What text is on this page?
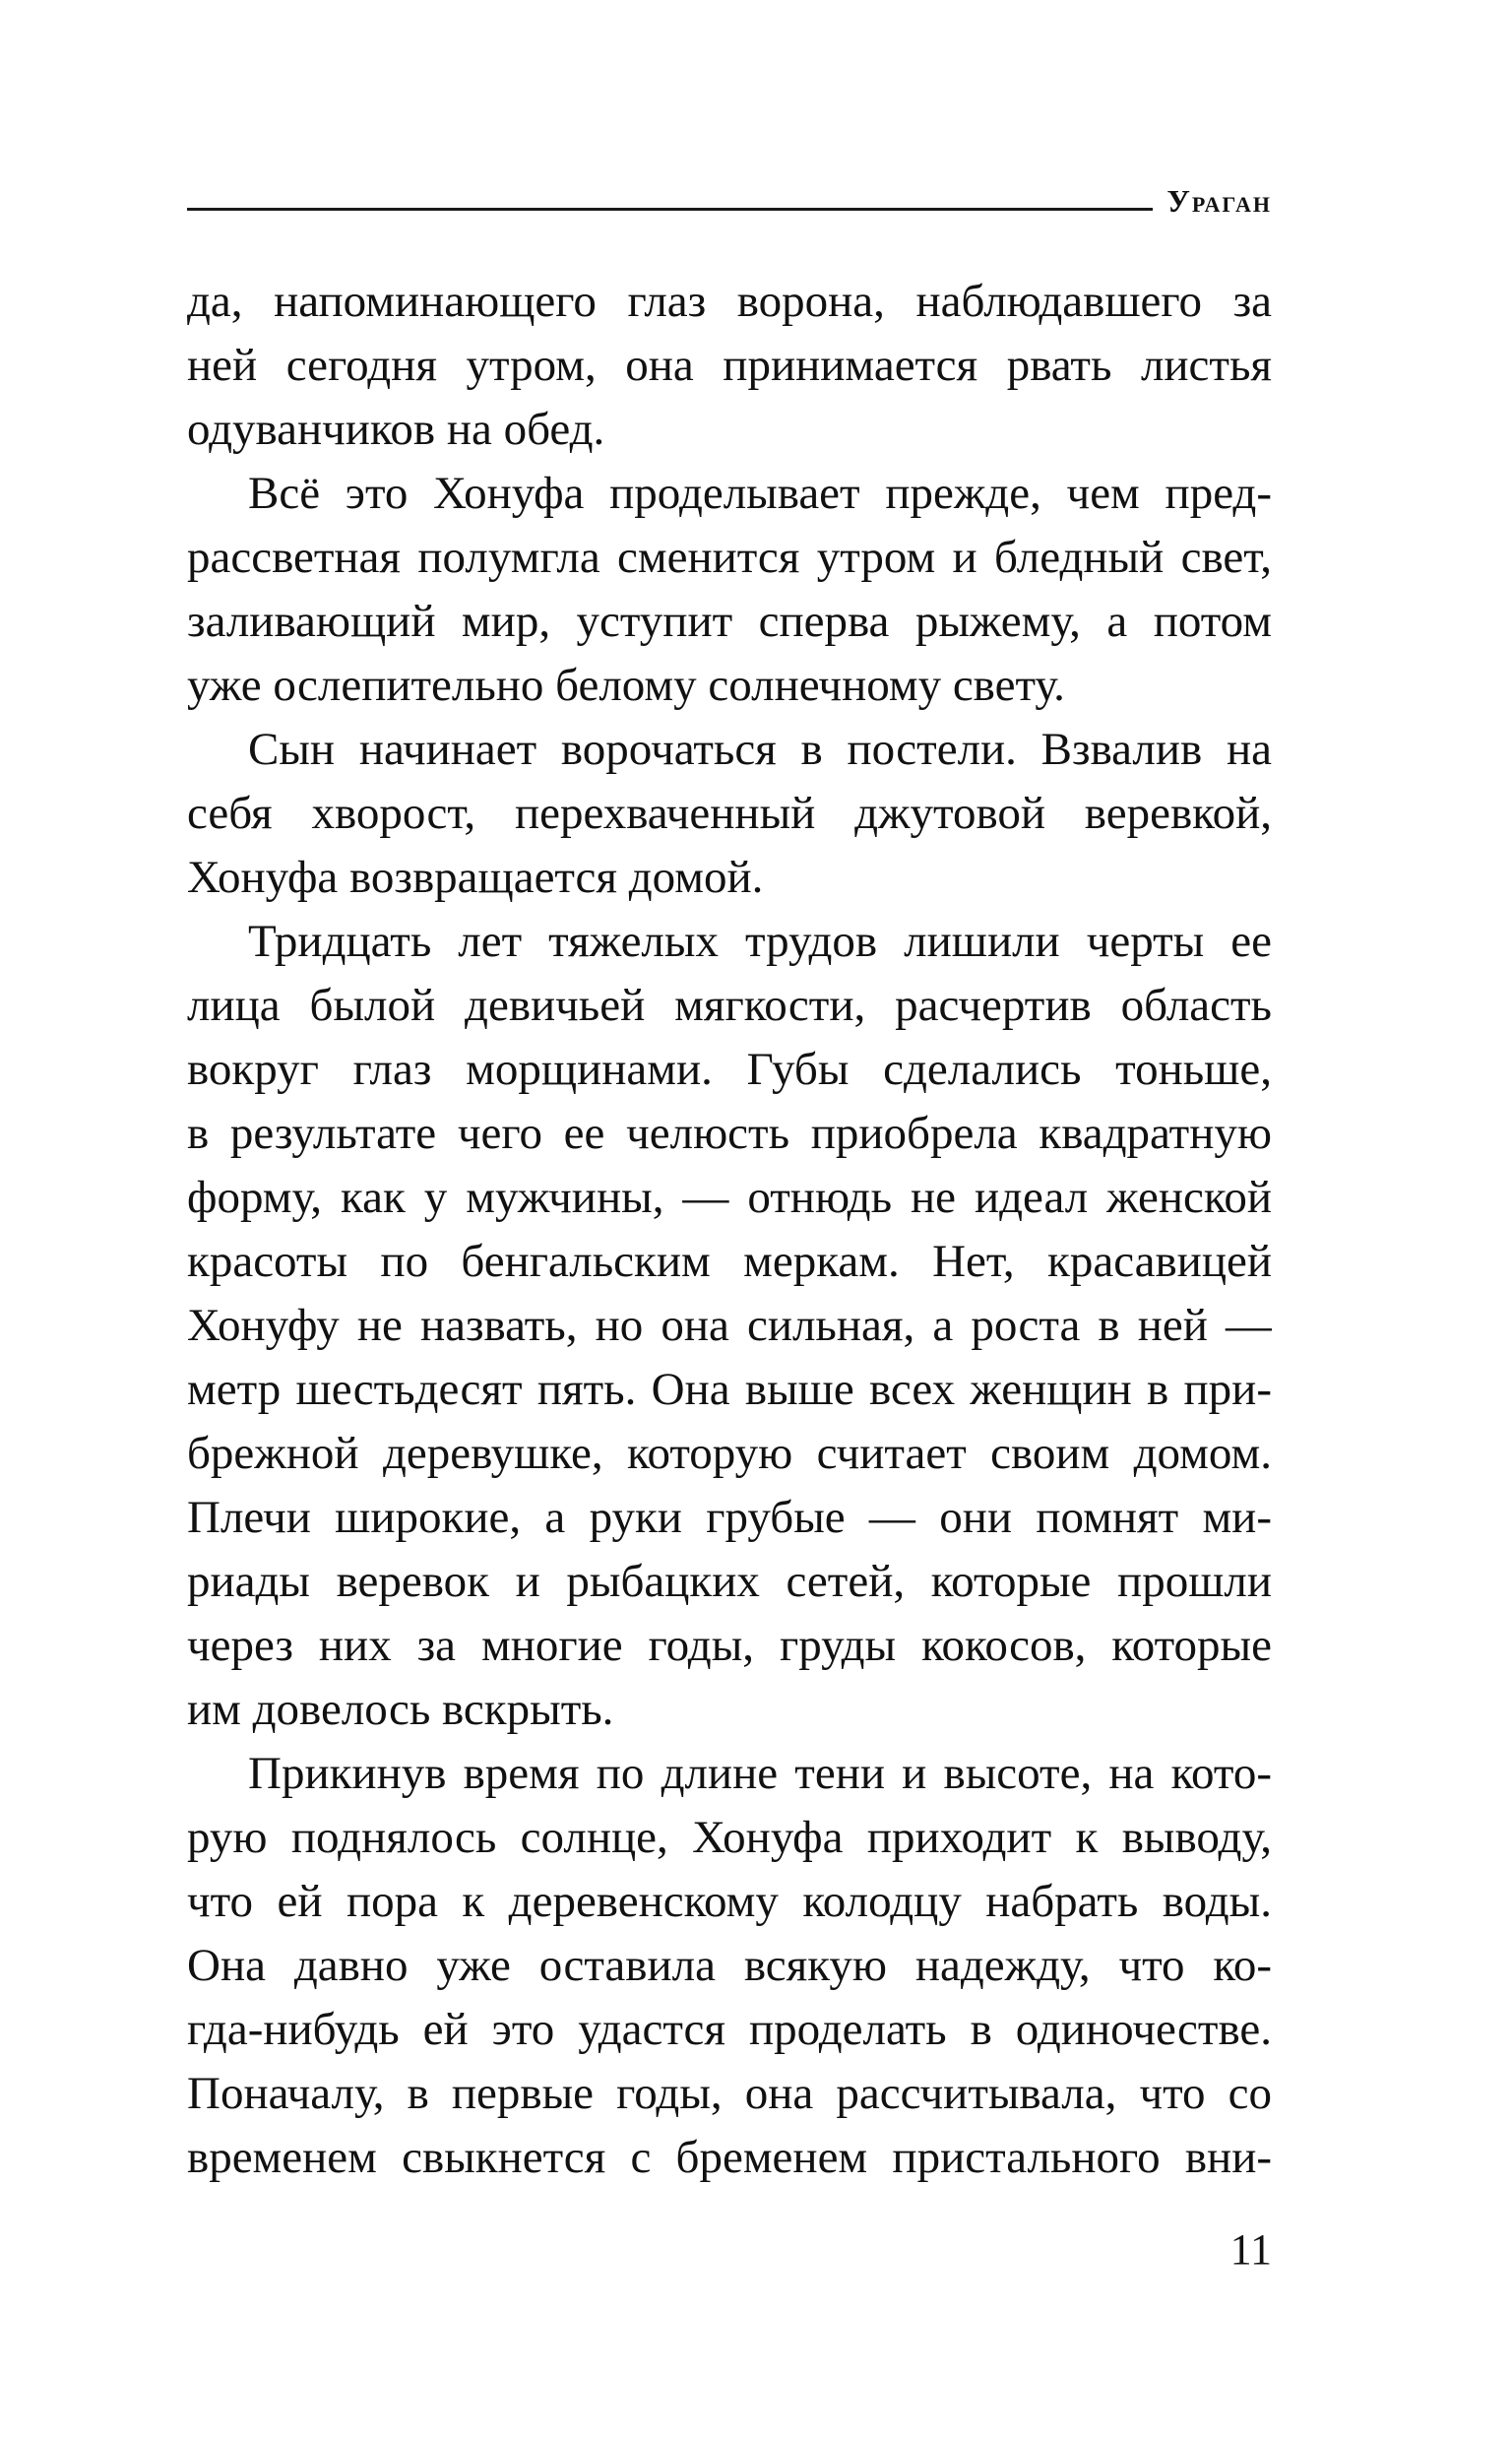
Ураган
да, напоминающего глаз ворона, наблюдавшего за
ней сегодня утром, она принимается рвать листья
одуванчиков на обед.
Всё это Хонуфа проделывает прежде, чем пред-
рассветная полумгла сменится утром и бледный свет,
заливающий мир, уступит сперва рыжему, а потом
уже ослепительно белому солнечному свету.
Сын начинает ворочаться в постели. Взвалив на
себя хворост, перехваченный джутовой веревкой,
Хонуфа возвращается домой.
Тридцать лет тяжелых трудов лишили черты ее
лица былой девичьей мягкости, расчертив область
вокруг глаз морщинами. Губы сделались тоньше,
в результате чего ее челюсть приобрела квадратную
форму, как у мужчины, — отнюдь не идеал женской
красоты по бенгальским меркам. Нет, красавицей
Хонуфу не назвать, но она сильная, а роста в ней —
метр шестьдесят пять. Она выше всех женщин в при-
брежной деревушке, которую считает своим домом.
Плечи широкие, а руки грубые — они помнят ми-
риады веревок и рыбацких сетей, которые прошли
через них за многие годы, груды кокосов, которые
им довелось вскрыть.
Прикинув время по длине тени и высоте, на кото-
рую поднялось солнце, Хонуфа приходит к выводу,
что ей пора к деревенскому колодцу набрать воды.
Она давно уже оставила всякую надежду, что ко-
гда-нибудь ей это удастся проделать в одиночестве.
Поначалу, в первые годы, она рассчитывала, что со
временем свыкнется с бременем пристального вни-
11
